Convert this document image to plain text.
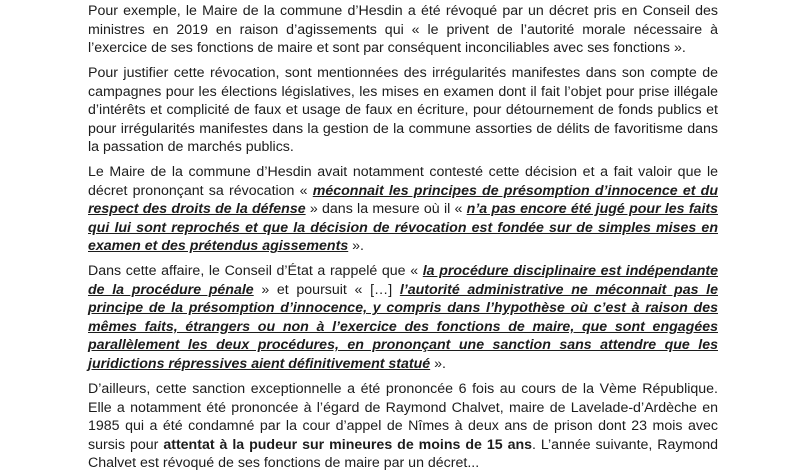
Pour exemple, le Maire de la commune d’Hesdin a été révoqué par un décret pris en Conseil des ministres en 2019 en raison d’agissements qui « le privent de l’autorité morale nécessaire à l’exercice de ses fonctions de maire et sont par conséquent inconciliables avec ses fonctions ».

Pour justifier cette révocation, sont mentionnées des irrégularités manifestes dans son compte de campagnes pour les élections législatives, les mises en examen dont il fait l’objet pour prise illégale d’intérêts et complicité de faux et usage de faux en écriture, pour détournement de fonds publics et pour irrégularités manifestes dans la gestion de la commune assorties de délits de favoritisme dans la passation de marchés publics.

Le Maire de la commune d’Hesdin avait notamment contesté cette décision et a fait valoir que le décret prononçant sa révocation « méconnait les principes de présomption d’innocence et du respect des droits de la défense » dans la mesure où il « n’a pas encore été jugé pour les faits qui lui sont reprochés et que la décision de révocation est fondée sur de simples mises en examen et des prétendus agissements ».

Dans cette affaire, le Conseil d’État a rappelé que « la procédure disciplinaire est indépendante de la procédure pénale » et poursuit « […] l’autorité administrative ne méconnait pas le principe de la présomption d’innocence, y compris dans l’hypothèse où c’est à raison des mêmes faits, étrangers ou non à l’exercice des fonctions de maire, que sont engagées parallèlement les deux procédures, en prononçant une sanction sans attendre que les juridictions répressives aient définitivement statué ».

D’ailleurs, cette sanction exceptionnelle a été prononcée 6 fois au cours de la Vème République. Elle a notamment été prononcée à l’égard de Raymond Chalvet, maire de Lavelade-d’Ardèche en 1985 qui a été condamné par la cour d’appel de Nîmes à deux ans de prison dont 23 mois avec sursis pour attentat à la pudeur sur mineures de moins de 15 ans. L’année suivante, Raymond Chalvet est révoqué de ses fonctions de maire par un décret...
